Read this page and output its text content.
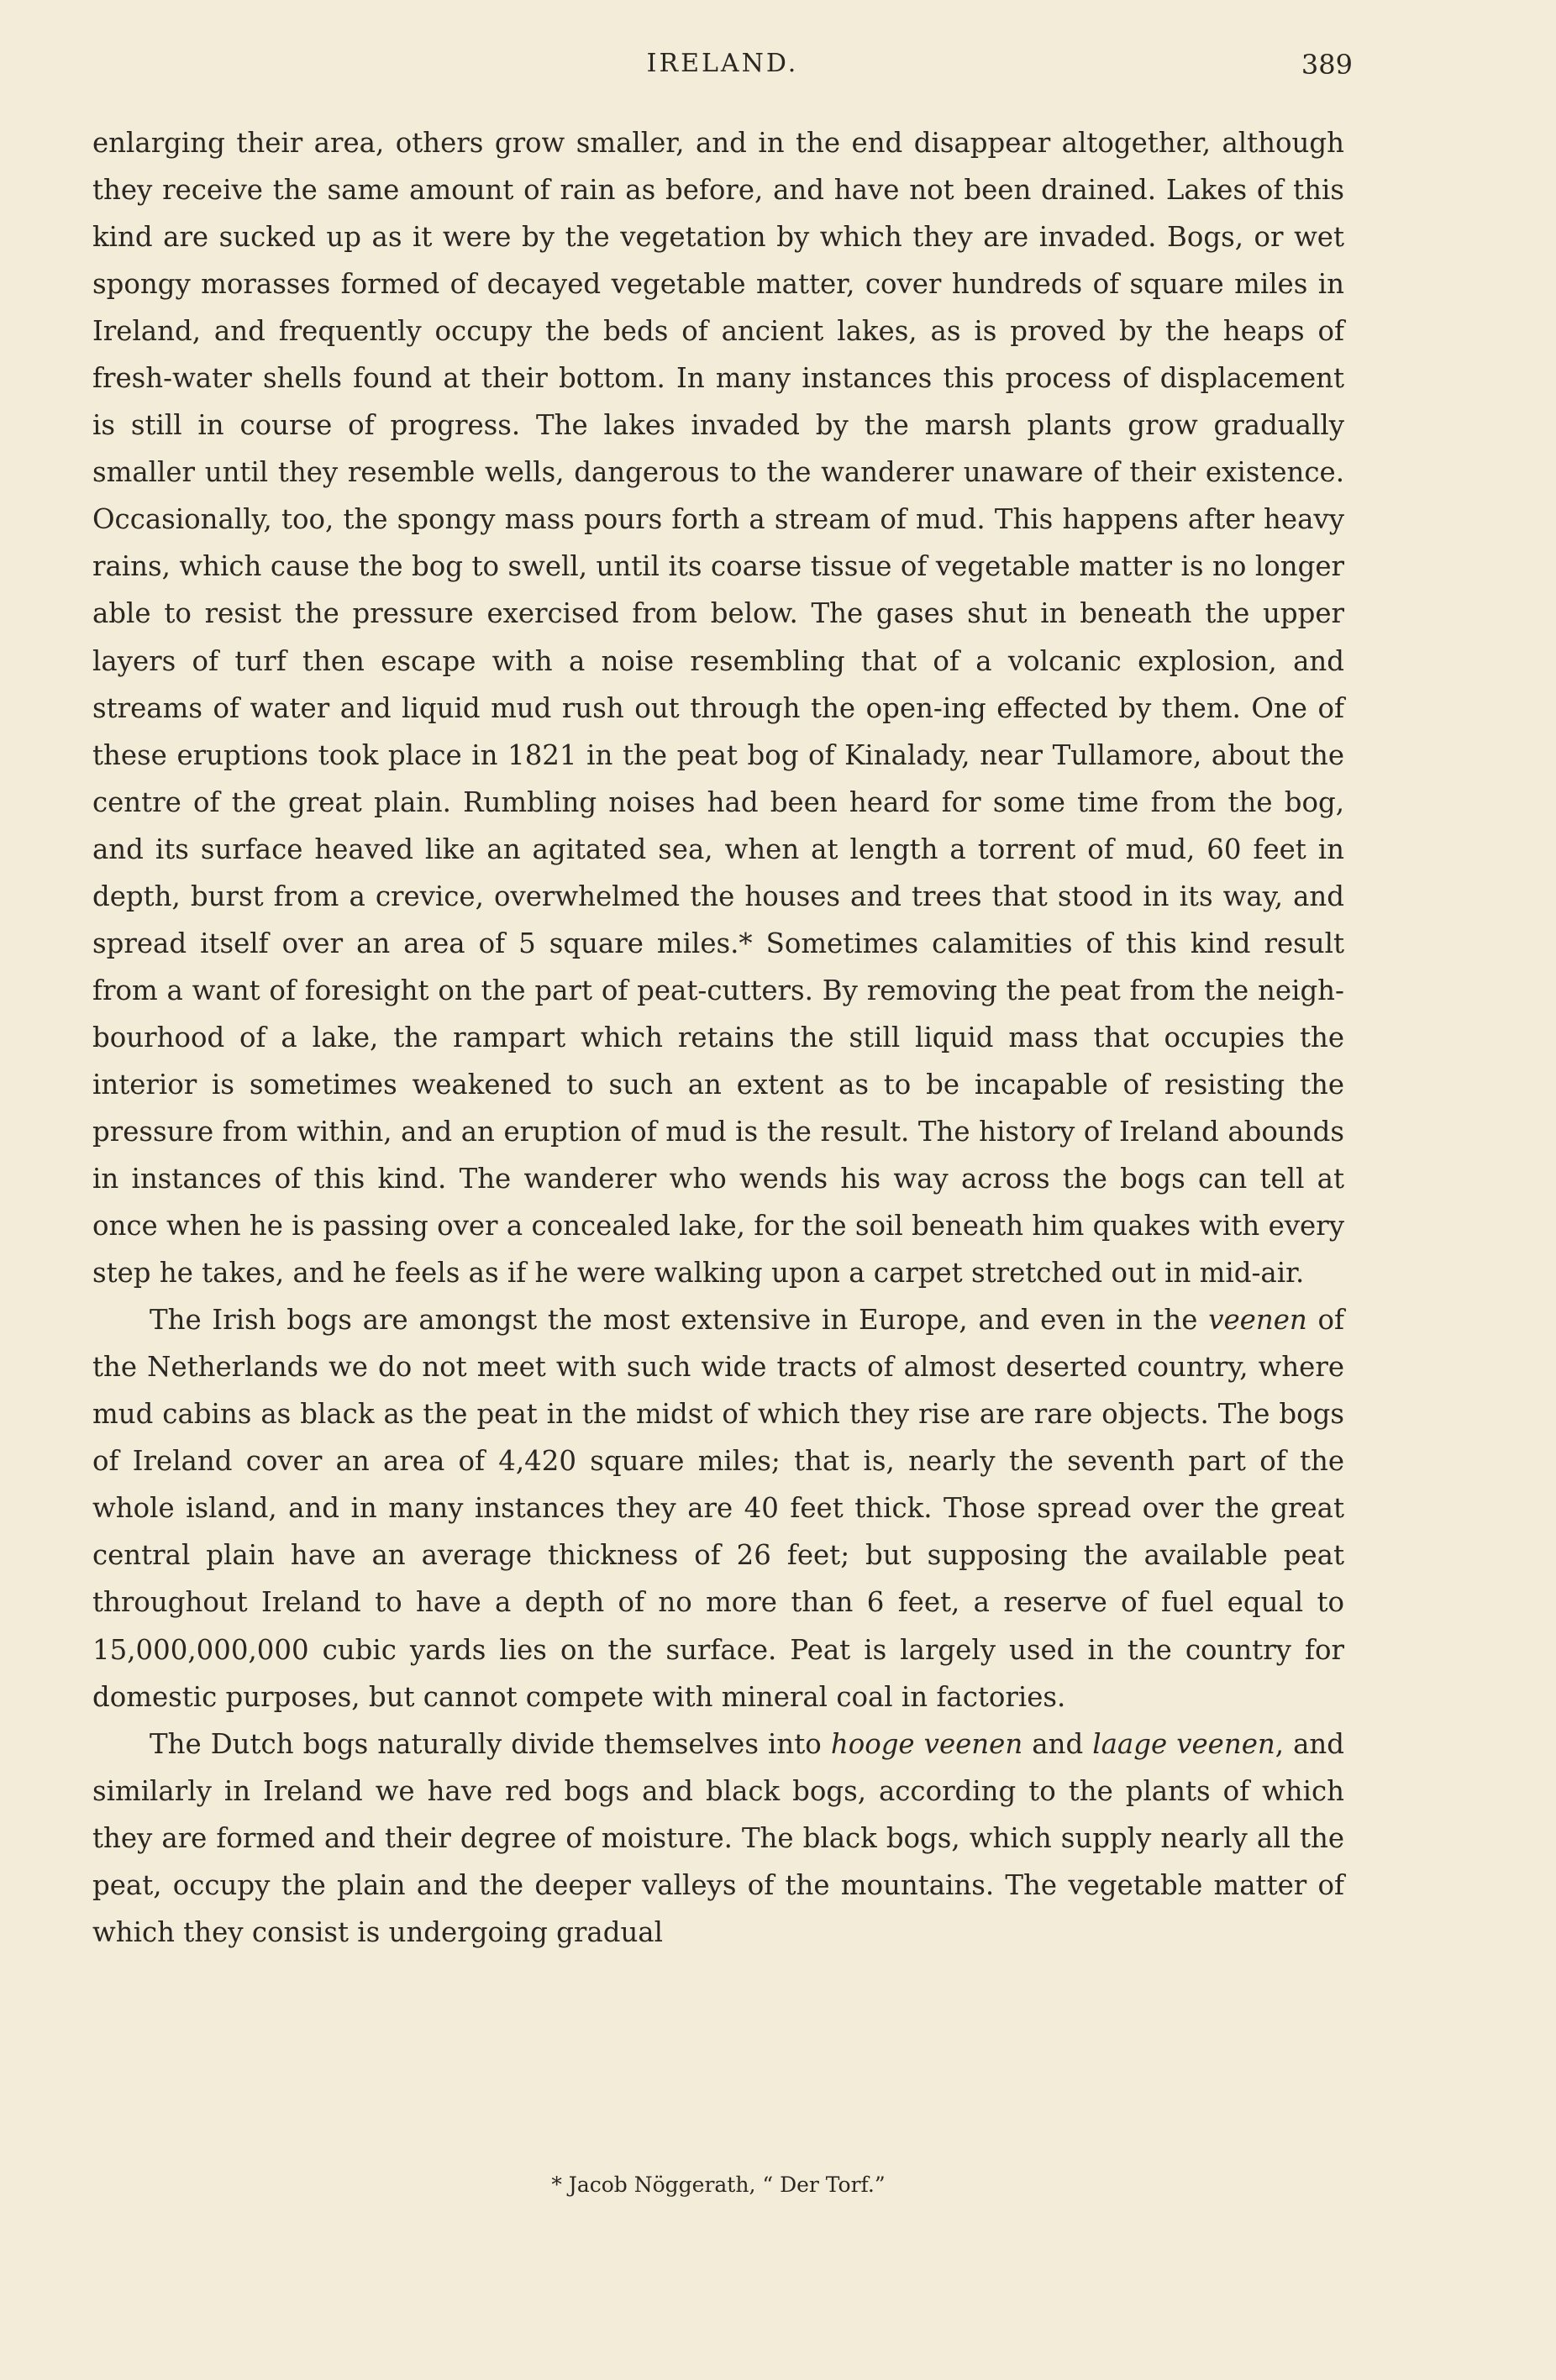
IRELAND.	389

enlarging their area, others grow smaller, and in the end disappear altogether, although they receive the same amount of rain as before, and have not been drained. Lakes of this kind are sucked up as it were by the vegetation by which they are invaded. Bogs, or wet spongy morasses formed of decayed vegetable matter, cover hundreds of square miles in Ireland, and frequently occupy the beds of ancient lakes, as is proved by the heaps of fresh-water shells found at their bottom. In many instances this process of displacement is still in course of progress. The lakes invaded by the marsh plants grow gradually smaller until they resemble wells, dangerous to the wanderer unaware of their existence. Occasionally, too, the spongy mass pours forth a stream of mud. This happens after heavy rains, which cause the bog to swell, until its coarse tissue of vegetable matter is no longer able to resist the pressure exercised from below. The gases shut in beneath the upper layers of turf then escape with a noise resembling that of a volcanic explosion, and streams of water and liquid mud rush out through the open-ing effected by them. One of these eruptions took place in 1821 in the peat bog of Kinalady, near Tullamore, about the centre of the great plain. Rumbling noises had been heard for some time from the bog, and its surface heaved like an agitated sea, when at length a torrent of mud, 60 feet in depth, burst from a crevice, overwhelmed the houses and trees that stood in its way, and spread itself over an area of 5 square miles.* Sometimes calamities of this kind result from a want of foresight on the part of peat-cutters. By removing the peat from the neigh-bourhood of a lake, the rampart which retains the still liquid mass that occupies the interior is sometimes weakened to such an extent as to be incapable of resisting the pressure from within, and an eruption of mud is the result. The history of Ireland abounds in instances of this kind. The wanderer who wends his way across the bogs can tell at once when he is passing over a concealed lake, for the soil beneath him quakes with every step he takes, and he feels as if he were walking upon a carpet stretched out in mid-air.

The Irish bogs are amongst the most extensive in Europe, and even in the veenen of the Netherlands we do not meet with such wide tracts of almost deserted country, where mud cabins as black as the peat in the midst of which they rise are rare objects. The bogs of Ireland cover an area of 4,420 square miles; that is, nearly the seventh part of the whole island, and in many instances they are 40 feet thick. Those spread over the great central plain have an average thickness of 26 feet; but supposing the available peat throughout Ireland to have a depth of no more than 6 feet, a reserve of fuel equal to 15,000,000,000 cubic yards lies on the surface. Peat is largely used in the country for domestic purposes, but cannot compete with mineral coal in factories.

The Dutch bogs naturally divide themselves into hooge veenen and laage veenen, and similarly in Ireland we have red bogs and black bogs, according to the plants of which they are formed and their degree of moisture. The black bogs, which supply nearly all the peat, occupy the plain and the deeper valleys of the mountains. The vegetable matter of which they consist is undergoing gradual

* Jacob Nöggerath, “ Der Torf.”
